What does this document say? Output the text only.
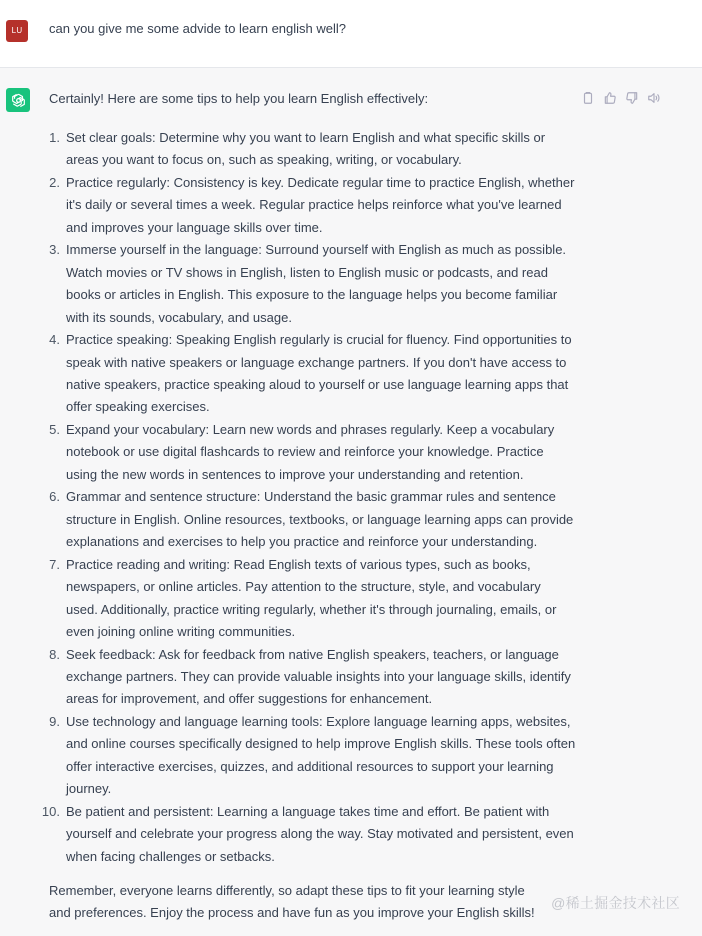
LU	can you give me some advide to learn english well?

Certainly! Here are some tips to help you learn English effectively:

1. Set clear goals: Determine why you want to learn English and what specific skills or areas you want to focus on, such as speaking, writing, or vocabulary.
2. Practice regularly: Consistency is key. Dedicate regular time to practice English, whether it's daily or several times a week. Regular practice helps reinforce what you've learned and improves your language skills over time.
3. Immerse yourself in the language: Surround yourself with English as much as possible. Watch movies or TV shows in English, listen to English music or podcasts, and read books or articles in English. This exposure to the language helps you become familiar with its sounds, vocabulary, and usage.
4. Practice speaking: Speaking English regularly is crucial for fluency. Find opportunities to speak with native speakers or language exchange partners. If you don't have access to native speakers, practice speaking aloud to yourself or use language learning apps that offer speaking exercises.
5. Expand your vocabulary: Learn new words and phrases regularly. Keep a vocabulary notebook or use digital flashcards to review and reinforce your knowledge. Practice using the new words in sentences to improve your understanding and retention.
6. Grammar and sentence structure: Understand the basic grammar rules and sentence structure in English. Online resources, textbooks, or language learning apps can provide explanations and exercises to help you practice and reinforce your understanding.
7. Practice reading and writing: Read English texts of various types, such as books, newspapers, or online articles. Pay attention to the structure, style, and vocabulary used. Additionally, practice writing regularly, whether it's through journaling, emails, or even joining online writing communities.
8. Seek feedback: Ask for feedback from native English speakers, teachers, or language exchange partners. They can provide valuable insights into your language skills, identify areas for improvement, and offer suggestions for enhancement.
9. Use technology and language learning tools: Explore language learning apps, websites, and online courses specifically designed to help improve English skills. These tools often offer interactive exercises, quizzes, and additional resources to support your learning journey.
10. Be patient and persistent: Learning a language takes time and effort. Be patient with yourself and celebrate your progress along the way. Stay motivated and persistent, even when facing challenges or setbacks.

Remember, everyone learns differently, so adapt these tips to fit your learning style and preferences. Enjoy the process and have fun as you improve your English skills!

@稀土掘金技术社区
